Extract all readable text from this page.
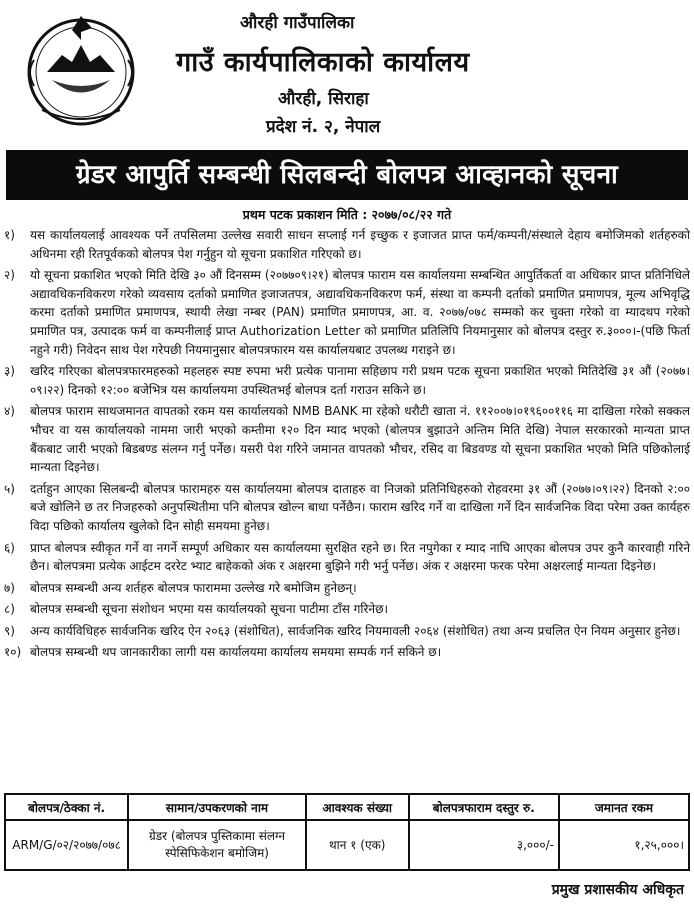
औरही गाउँपालिका
गाउँ कार्यपालिकाको कार्यालय
औरही, सिराहा
प्रदेश नं. २, नेपाल
ग्रेडर आपुर्ति सम्बन्धी सिलबन्दी बोलपत्र आव्हानको सूचना
प्रथम पटक प्रकाशन मिति : २०७७/०८/२२ गते
१)	यस कार्यालयलाई आवश्यक पर्ने तपसिलमा उल्लेख सवारी साधन सप्लाई गर्न इच्छुक र इजाजत प्राप्त फर्म/कम्पनी/संस्थाले देहाय बमोजिमको शर्तहरुको अधिनमा रही रितपूर्वकको बोलपत्र पेश गर्नुहुन यो सूचना प्रकाशित गरिएको छ।
२)	यो सूचना प्रकाशित भएको मिति देखि ३० औं दिनसम्म (२०७७०९।२१) बोलपत्र फाराम यस कार्यालयमा सम्बन्धित आपुर्तिकर्ता वा अधिकार प्राप्त प्रतिनिधिले अद्यावधिकनविकरण गरेको व्यवसाय दर्ताको प्रमाणित इजाजतपत्र, अद्यावधिकनविकरण फर्म, संस्था वा कम्पनी दर्ताको प्रमाणित प्रमाणपत्र, मूल्य अभिवृद्धि करमा दर्ताको प्रमाणित प्रमाणपत्र, स्थायी लेखा नम्बर (PAN) प्रमाणित प्रमाणपत्र, आ. व. २०७७/०७८ सम्मको कर चुक्ता गरेको वा म्यादथप गरेको प्रमाणित पत्र, उत्पादक फर्म वा कम्पनीलाई प्राप्त Authorization Letter को प्रमाणित प्रतिलिपि नियमानुसार को बोलपत्र दस्तुर रु.३०००।-(पछि फिर्ता नहुने गरी) निवेदन साथ पेश गरेपछी नियमानुसार बोलपत्रफारम यस कार्यालयबाट उपलब्ध गराइने छ।
३)	खरिद गरिएका बोलपत्रफारमहरुको महलहरु स्पष्ट रुपमा भरी प्रत्येक पानामा सहिछाप गरी प्रथम पटक सूचना प्रकाशित भएको मितिदेखि ३१ औं (२०७७।०९।२२) दिनको १२:०० बजेभित्र यस कार्यालयमा उपस्थितभई बोलपत्र दर्ता गराउन सकिने छ।
४)	बोलपत्र फाराम साथजमानत वापतको रकम यस कार्यालयको NMB BANK मा रहेको धरौटी खाता नं. ११२००७।०१९६००११६ मा दाखिला गरेको सक्कल भौचर वा यस कार्यालयको नाममा जारी भएको कम्तीमा १२० दिन म्याद भएको (बोलपत्र बुझाउने अन्तिम मिति देखि) नेपाल सरकारको मान्यता प्राप्त बैंकबाट जारी भएको बिडबण्ड संलग्न गर्नु पर्नेछ। यसरी पेश गरिने जमानत वापतको भौचर, रसिद वा बिडवण्ड यो सूचना प्रकाशित भएको मिति पछिकोलाई मान्यता दिइनेछ।
५)	दर्ताहुन आएका सिलबन्दी बोलपत्र फारामहरु यस कार्यालयमा बोलपत्र दाताहरु वा निजको प्रतिनिधिहरुको रोहवरमा ३१ औं (२०७७।०९।२२) दिनको २:०० बजे खोलिने छ तर निजहरुको अनुपस्थितीमा पनि बोलपत्र खोल्न बाधा पर्नेछैन। फाराम खरिद गर्ने वा दाखिला गर्ने दिन सार्वजनिक विदा परेमा उक्त कार्यहरु विदा पछिको कार्यालय खुलेको दिन सोही समयमा हुनेछ।
६)	प्राप्त बोलपत्र स्वीकृत गर्ने वा नगर्ने सम्पूर्ण अधिकार यस कार्यालयमा सुरक्षित रहने छ। रित नपुगेका र म्याद नाघि आएका बोलपत्र उपर कुनै कारवाही गरिने छैन। बोलपत्रमा प्रत्येक आईटम दररेट भ्याट बाहेकको अंक र अक्षरमा बुझिने गरी भर्नु पर्नेछ। अंक र अक्षरमा फरक परेमा अक्षरलाई मान्यता दिइनेछ।
७)	बोलपत्र सम्बन्धी अन्य शर्तहरु बोलपत्र फाराममा उल्लेख गरे बमोजिम हुनेछन्।
८)	बोलपत्र सम्बन्धी सूचना संशोधन भएमा यस कार्यालयको सूचना पाटीमा टाँस गरिनेछ।
९)	अन्य कार्यविधिहरु सार्वजनिक खरिद ऐन २०६३ (संशोधित), सार्वजनिक खरिद नियमावली २०६४ (संशोधित) तथा अन्य प्रचलित ऐन नियम अनुसार हुनेछ।
१०) बोलपत्र सम्बन्धी थप जानकारीका लागी यस कार्यालयमा कार्यालय समयमा सम्पर्क गर्न सकिने छ।
बोलपत्र/ठेक्का नं.	सामान/उपकरणको नाम	आवश्यक संख्या	बोलपत्रफाराम दस्तुर रु.	जमानत रकम
ARM/G/०२/२०७७/०७८	ग्रेडर (बोलपत्र पुस्तिकामा संलग्न स्पेसिफिकेशन बमोजिम)	थान १ (एक)	३,०००/-	१,२५,०००।
प्रमुख प्रशासकीय अधिकृत
